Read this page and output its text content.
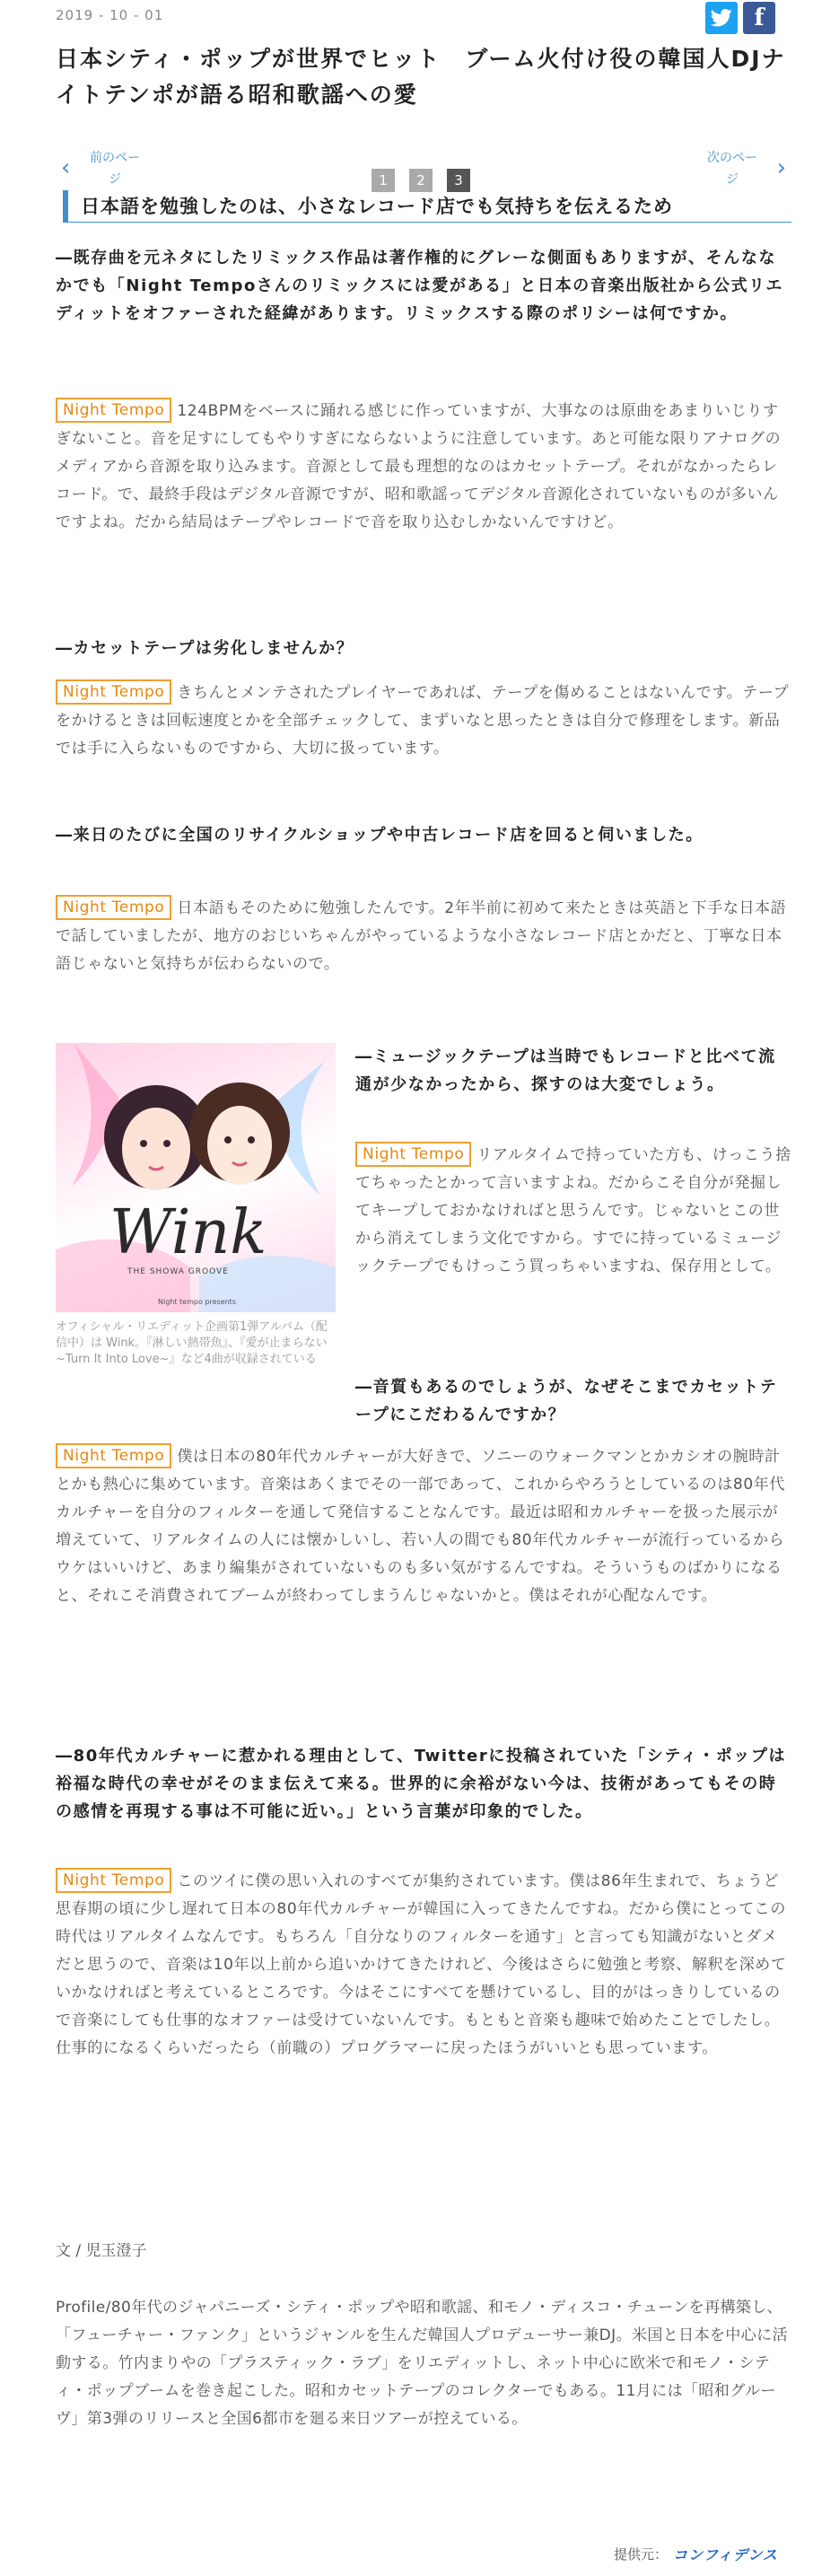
2019 - 10 - 01	f
日本シティ・ポップが世界でヒット　ブーム火付け役の韓国人DJナイトテンポが語る昭和歌謡への愛
‹ 前のページ	1	2	3
次のページ	›
日本語を勉強したのは、小さなレコード店でも気持ちを伝えるため

―既存曲を元ネタにしたリミックス作品は著作権的にグレーな側面もありますが、そんななかでも「Night Tempoさんのリミックスには愛がある」と日本の音楽出版社から公式リエディットをオファーされた経緯があります。リミックスする際のポリシーは何ですか。

Night Tempo 124BPMをベースに踊れる感じに作っていますが、大事なのは原曲をあまりいじりすぎないこと。音を足すにしてもやりすぎにならないように注意しています。あと可能な限りアナログのメディアから音源を取り込みます。音源として最も理想的なのはカセットテープ。それがなかったらレコード。で、最終手段はデジタル音源ですが、昭和歌謡ってデジタル音源化されていないものが多いんですよね。だから結局はテープやレコードで音を取り込むしかないんですけど。

―カセットテープは劣化しませんか？

Night Tempo きちんとメンテされたプレイヤーであれば、テープを傷めることはないんです。テープをかけるときは回転速度とかを全部チェックして、まずいなと思ったときは自分で修理をします。新品では手に入らないものですから、大切に扱っています。

―来日のたびに全国のリサイクルショップや中古レコード店を回ると伺いました。

Night Tempo 日本語もそのために勉強したんです。2年半前に初めて来たときは英語と下手な日本語で話していましたが、地方のおじいちゃんがやっているような小さなレコード店とかだと、丁寧な日本語じゃないと気持ちが伝わらないので。

Wink
THE SHOWA GROOVE
Night tempo presents

オフィシャル・リエディット企画第1弾アルバム（配信中）は Wink。『淋しい熱帯魚』、『愛が止まらない ~Turn It Into Love~』など4曲が収録されている

―ミュージックテープは当時でもレコードと比べて流通が少なかったから、探すのは大変でしょう。

Night Tempo リアルタイムで持っていた方も、けっこう捨てちゃったとかって言いますよね。だからこそ自分が発掘してキープしておかなければと思うんです。じゃないとこの世から消えてしまう文化ですから。すでに持っているミュージックテープでもけっこう買っちゃいますね、保存用として。

―音質もあるのでしょうが、なぜそこまでカセットテープにこだわるんですか？

Night Tempo 僕は日本の80年代カルチャーが大好きで、ソニーのウォークマンとかカシオの腕時計とかも熱心に集めています。音楽はあくまでその一部であって、これからやろうとしているのは80年代カルチャーを自分のフィルターを通して発信することなんです。最近は昭和カルチャーを扱った展示が増えていて、リアルタイムの人には懐かしいし、若い人の間でも80年代カルチャーが流行っているからウケはいいけど、あまり編集がされていないものも多い気がするんですね。そういうものばかりになると、それこそ消費されてブームが終わってしまうんじゃないかと。僕はそれが心配なんです。

―80年代カルチャーに惹かれる理由として、Twitterに投稿されていた「シティ・ポップは裕福な時代の幸せがそのまま伝えて来る。世界的に余裕がない今は、技術があってもその時の感情を再現する事は不可能に近い。」という言葉が印象的でした。

Night Tempo このツイに僕の思い入れのすべてが集約されています。僕は86年生まれで、ちょうど思春期の頃に少し遅れて日本の80年代カルチャーが韓国に入ってきたんですね。だから僕にとってこの時代はリアルタイムなんです。もちろん「自分なりのフィルターを通す」と言っても知識がないとダメだと思うので、音楽は10年以上前から追いかけてきたけれど、今後はさらに勉強と考察、解釈を深めていかなければと考えているところです。今はそこにすべてを懸けているし、目的がはっきりしているので音楽にしても仕事的なオファーは受けていないんです。もともと音楽も趣味で始めたことでしたし。仕事的になるくらいだったら（前職の）プログラマーに戻ったほうがいいとも思っています。

文 / 児玉澄子

Profile/80年代のジャパニーズ・シティ・ポップや昭和歌謡、和モノ・ディスコ・チューンを再構築し、「フューチャー・ファンク」というジャンルを生んだ韓国人プロデューサー兼DJ。米国と日本を中心に活動する。竹内まりやの「プラスティック・ラブ」をリエディットし、ネット中心に欧米で和モノ・シティ・ポップブームを巻き起こした。昭和カセットテープのコレクターでもある。11月には「昭和グルーヴ」第3弾のリリースと全国6都市を廻る来日ツアーが控えている。

提供元： コンフィデンス
